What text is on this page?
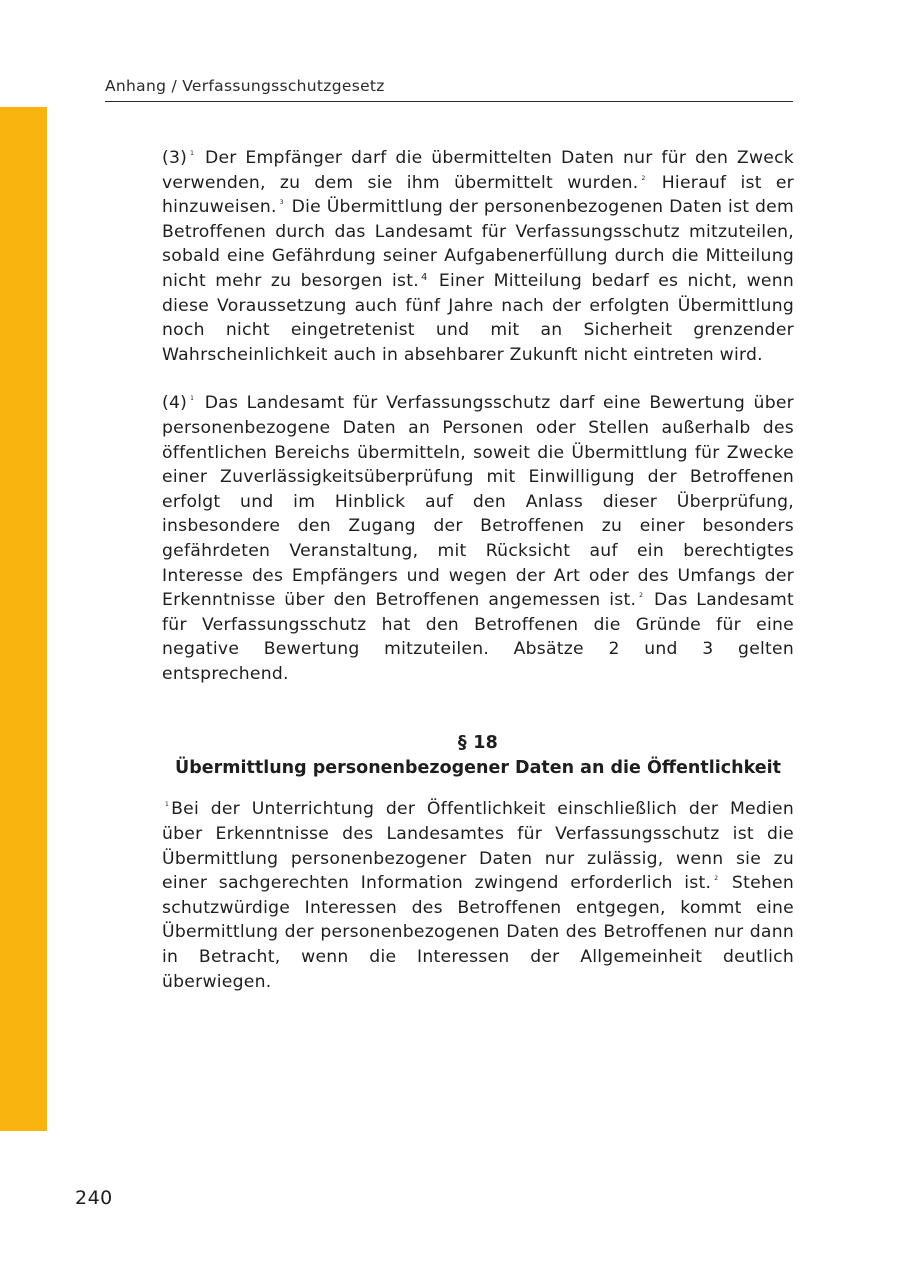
Anhang / Verfassungsschutzgesetz

(3) $^1$ Der Empfänger darf die übermittelten Daten nur für den Zweck verwenden, zu dem sie ihm übermittelt wurden. $^2$ Hierauf ist er hinzuweisen. $^3$ Die Übermittlung der personenbezogenen Daten ist dem Betroffenen durch das Landesamt für Verfassungsschutz mitzuteilen, sobald eine Gefährdung seiner Aufgabenerfüllung durch die Mitteilung nicht mehr zu besorgen ist. $^4$ Einer Mitteilung bedarf es nicht, wenn diese Voraussetzung auch fünf Jahre nach der erfolgten Übermittlung noch nicht eingetretenist und mit an Sicherheit grenzender Wahrscheinlichkeit auch in absehbarer Zukunft nicht eintreten wird.

(4) $^1$ Das Landesamt für Verfassungsschutz darf eine Bewertung über personenbezogene Daten an Personen oder Stellen außerhalb des öffentlichen Bereichs übermitteln, soweit die Übermittlung für Zwecke einer Zuverlässigkeitsüberprüfung mit Einwilligung der Betroffenen erfolgt und im Hinblick auf den Anlass dieser Überprüfung, insbesondere den Zugang der Betroffenen zu einer besonders gefährdeten Veranstaltung, mit Rücksicht auf ein berechtigtes Interesse des Empfängers und wegen der Art oder des Umfangs der Erkenntnisse über den Betroffenen angemessen ist. $^2$ Das Landesamt für Verfassungsschutz hat den Betroffenen die Gründe für eine negative Bewertung mitzuteilen. Absätze 2 und 3 gelten entsprechend.

§ 18
Übermittlung personenbezogener Daten an die Öffentlichkeit

$^1$ Bei der Unterrichtung der Öffentlichkeit einschließlich der Medien über Erkenntnisse des Landesamtes für Verfassungsschutz ist die Übermittlung personenbezogener Daten nur zulässig, wenn sie zu einer sachgerechten Information zwingend erforderlich ist. $^2$ Stehen schutzwürdige Interessen des Betroffenen entgegen, kommt eine Übermittlung der personenbezogenen Daten des Betroffenen nur dann in Betracht, wenn die Interessen der Allgemeinheit deutlich überwiegen.

240
